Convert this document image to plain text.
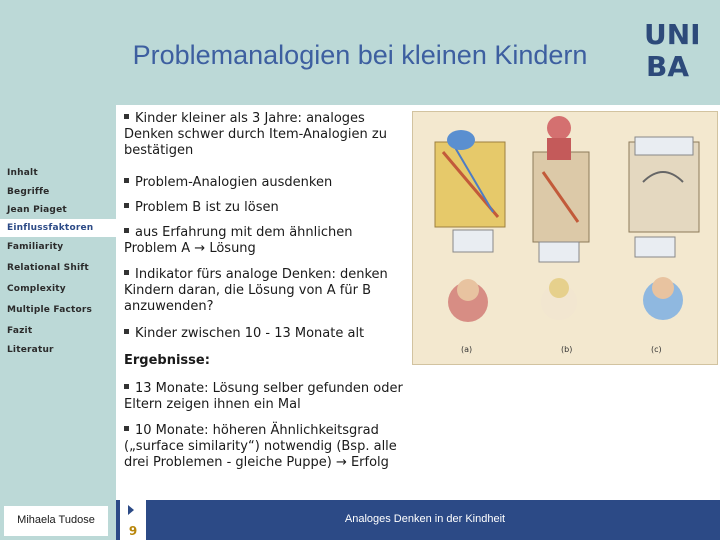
Problemanalogien bei kleinen Kindern
UNI
BA
Inhalt
Begriffe
Jean Piaget
Einflussfaktoren
Familiarity
Relational Shift
Complexity
Multiple Factors
Fazit
Literatur
Kinder kleiner als 3 Jahre: analoges Denken schwer durch Item-Analogien zu bestätigen
Problem-Analogien ausdenken
Problem B ist zu lösen
aus Erfahrung mit dem ähnlichen Problem A → Lösung
Indikator fürs analoge Denken: denken Kindern daran, die Lösung von A für B anzuwenden?
Kinder zwischen 10 - 13 Monate alt
Ergebnisse:
13 Monate: Lösung selber gefunden oder Eltern zeigen ihnen ein Mal
10 Monate: höheren Ähnlichkeitsgrad („surface similarity“) notwendig (Bsp. alle drei Problemen - gleiche Puppe) → Erfolg
(a)	(b)	(c)
Mihaela Tudose
9
Analoges Denken in der Kindheit
